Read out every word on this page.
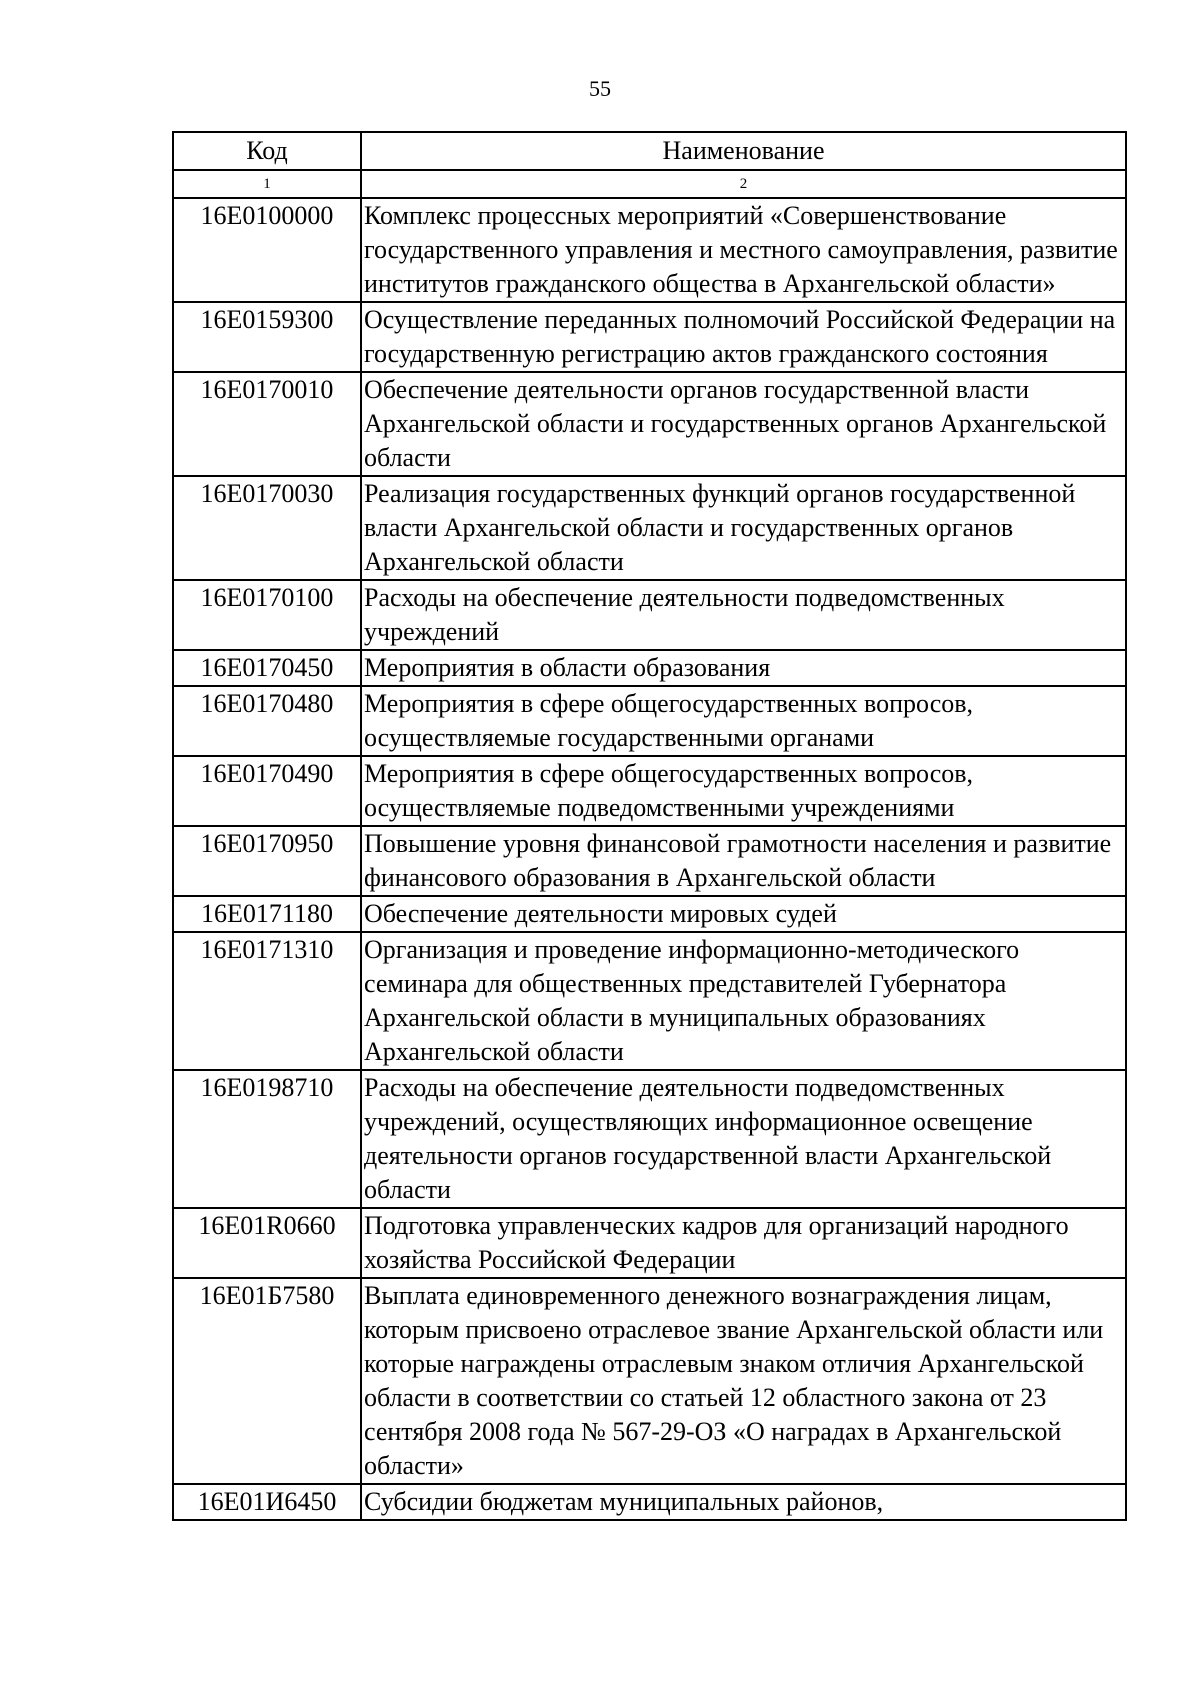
55
Код	Наименование
1	2
16Е0100000	Комплекс процессных мероприятий «Совершенствование государственного управления и местного самоуправления, развитие институтов гражданского общества в Архангельской области»
16Е0159300	Осуществление переданных полномочий Российской Федерации на государственную регистрацию актов гражданского состояния
16Е0170010	Обеспечение деятельности органов государственной власти Архангельской области и государственных органов Архангельской области
16Е0170030	Реализация государственных функций органов государственной власти Архангельской области и государственных органов Архангельской области
16Е0170100	Расходы на обеспечение деятельности подведомственных учреждений
16Е0170450	Мероприятия в области образования
16Е0170480	Мероприятия в сфере общегосударственных вопросов, осуществляемые государственными органами
16Е0170490	Мероприятия в сфере общегосударственных вопросов, осуществляемые подведомственными учреждениями
16Е0170950	Повышение уровня финансовой грамотности населения и развитие финансового образования в Архангельской области
16Е0171180	Обеспечение деятельности мировых судей
16Е0171310	Организация и проведение информационно-методического семинара для общественных представителей Губернатора Архангельской области в муниципальных образованиях Архангельской области
16Е0198710	Расходы на обеспечение деятельности подведомственных учреждений, осуществляющих информационное освещение деятельности органов государственной власти Архангельской области
16Е01R0660	Подготовка управленческих кадров для организаций народного хозяйства Российской Федерации
16Е01Б7580	Выплата единовременного денежного вознаграждения лицам, которым присвоено отраслевое звание Архангельской области или которые награждены отраслевым знаком отличия Архангельской области в соответствии со статьей 12 областного закона от 23 сентября 2008 года № 567-29-ОЗ «О наградах в Архангельской области»
16Е01И6450	Субсидии бюджетам муниципальных районов,
